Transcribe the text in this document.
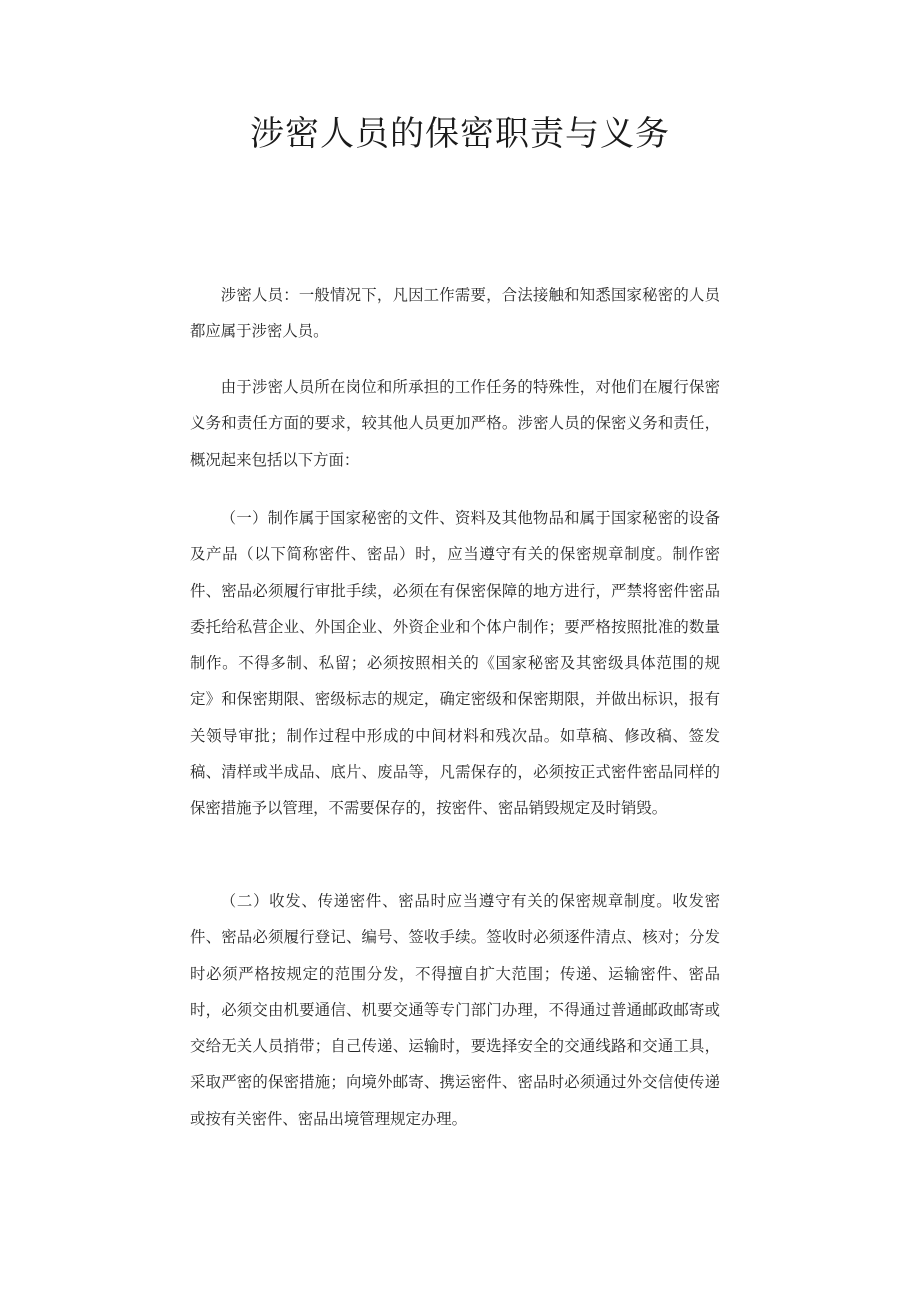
涉密人员的保密职责与义务

涉密人员：一般情况下，凡因工作需要，合法接触和知悉国家秘密的人员都应属于涉密人员。

由于涉密人员所在岗位和所承担的工作任务的特殊性，对他们在履行保密义务和责任方面的要求，较其他人员更加严格。涉密人员的保密义务和责任，概况起来包括以下方面：

（一）制作属于国家秘密的文件、资料及其他物品和属于国家秘密的设备及产品（以下简称密件、密品）时，应当遵守有关的保密规章制度。制作密件、密品必须履行审批手续，必须在有保密保障的地方进行，严禁将密件密品委托给私营企业、外国企业、外资企业和个体户制作；要严格按照批准的数量制作。不得多制、私留；必须按照相关的《国家秘密及其密级具体范围的规定》和保密期限、密级标志的规定，确定密级和保密期限，并做出标识，报有关领导审批；制作过程中形成的中间材料和残次品。如草稿、修改稿、签发稿、清样或半成品、底片、废品等，凡需保存的，必须按正式密件密品同样的保密措施予以管理，不需要保存的，按密件、密品销毁规定及时销毁。

（二）收发、传递密件、密品时应当遵守有关的保密规章制度。收发密件、密品必须履行登记、编号、签收手续。签收时必须逐件清点、核对；分发时必须严格按规定的范围分发，不得擅自扩大范围；传递、运输密件、密品时，必须交由机要通信、机要交通等专门部门办理，不得通过普通邮政邮寄或交给无关人员捎带；自己传递、运输时，要选择安全的交通线路和交通工具，采取严密的保密措施；向境外邮寄、携运密件、密品时必须通过外交信使传递或按有关密件、密品出境管理规定办理。
